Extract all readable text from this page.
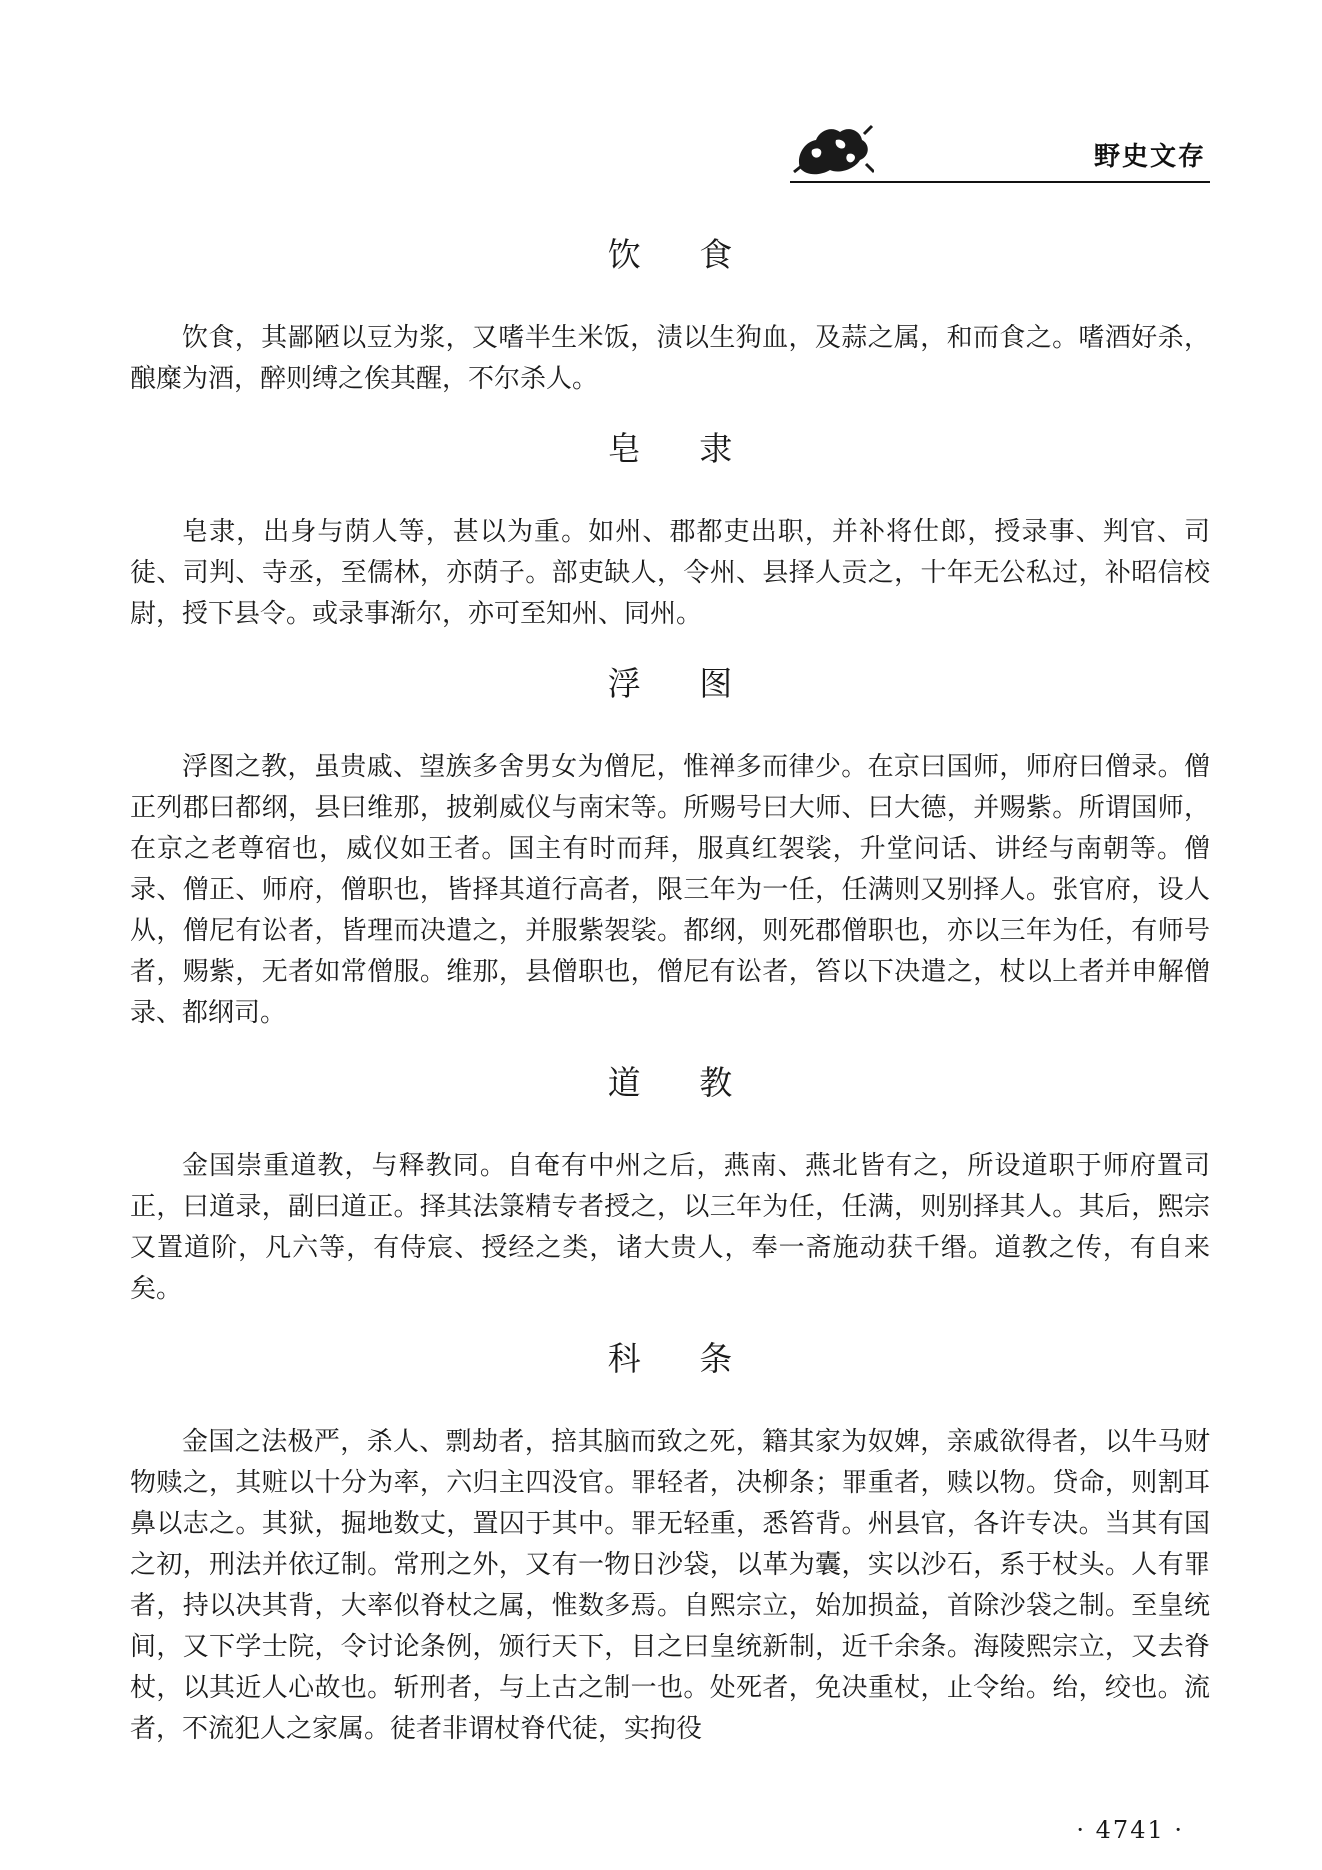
野史文存
饮 食

饮食，其鄙陋以豆为浆，又嗜半生米饭，渍以生狗血，及蒜之属，和而食之。嗜酒好杀，酿糜为酒，醉则缚之俟其醒，不尔杀人。

皂 隶

皂隶，出身与荫人等，甚以为重。如州、郡都吏出职，并补将仕郎，授录事、判官、司徒、司判、寺丞，至儒林，亦荫子。部吏缺人，令州、县择人贡之，十年无公私过，补昭信校尉，授下县令。或录事渐尔，亦可至知州、同州。

浮 图

浮图之教，虽贵戚、望族多舍男女为僧尼，惟禅多而律少。在京曰国师，师府曰僧录。僧正列郡曰都纲，县曰维那，披剃威仪与南宋等。所赐号曰大师、曰大德，并赐紫。所谓国师，在京之老尊宿也，威仪如王者。国主有时而拜，服真红袈裟，升堂问话、讲经与南朝等。僧录、僧正、师府，僧职也，皆择其道行高者，限三年为一任，任满则又别择人。张官府，设人从，僧尼有讼者，皆理而决遣之，并服紫袈裟。都纲，则死郡僧职也，亦以三年为任，有师号者，赐紫，无者如常僧服。维那，县僧职也，僧尼有讼者，笞以下决遣之，杖以上者并申解僧录、都纲司。

道 教

金国崇重道教，与释教同。自奄有中州之后，燕南、燕北皆有之，所设道职于师府置司正，曰道录，副曰道正。择其法箓精专者授之，以三年为任，任满，则别择其人。其后，熙宗又置道阶，凡六等，有侍宸、授经之类，诸大贵人，奉一斋施动获千缗。道教之传，有自来矣。

科 条

金国之法极严，杀人、剽劫者，掊其脑而致之死，籍其家为奴婢，亲戚欲得者，以牛马财物赎之，其赃以十分为率，六归主四没官。罪轻者，决柳条；罪重者，赎以物。贷命，则割耳鼻以志之。其狱，掘地数丈，置囚于其中。罪无轻重，悉笞背。州县官，各许专决。当其有国之初，刑法并依辽制。常刑之外，又有一物日沙袋，以革为囊，实以沙石，系于杖头。人有罪者，持以决其背，大率似脊杖之属，惟数多焉。自熙宗立，始加损益，首除沙袋之制。至皇统间，又下学士院，令讨论条例，颁行天下，目之曰皇统新制，近千余条。海陵熙宗立，又去脊杖，以其近人心故也。斩刑者，与上古之制一也。处死者，免决重杖，止令绐。绐，绞也。流者，不流犯人之家属。徒者非谓杖脊代徒，实拘役

· 4741 ·
